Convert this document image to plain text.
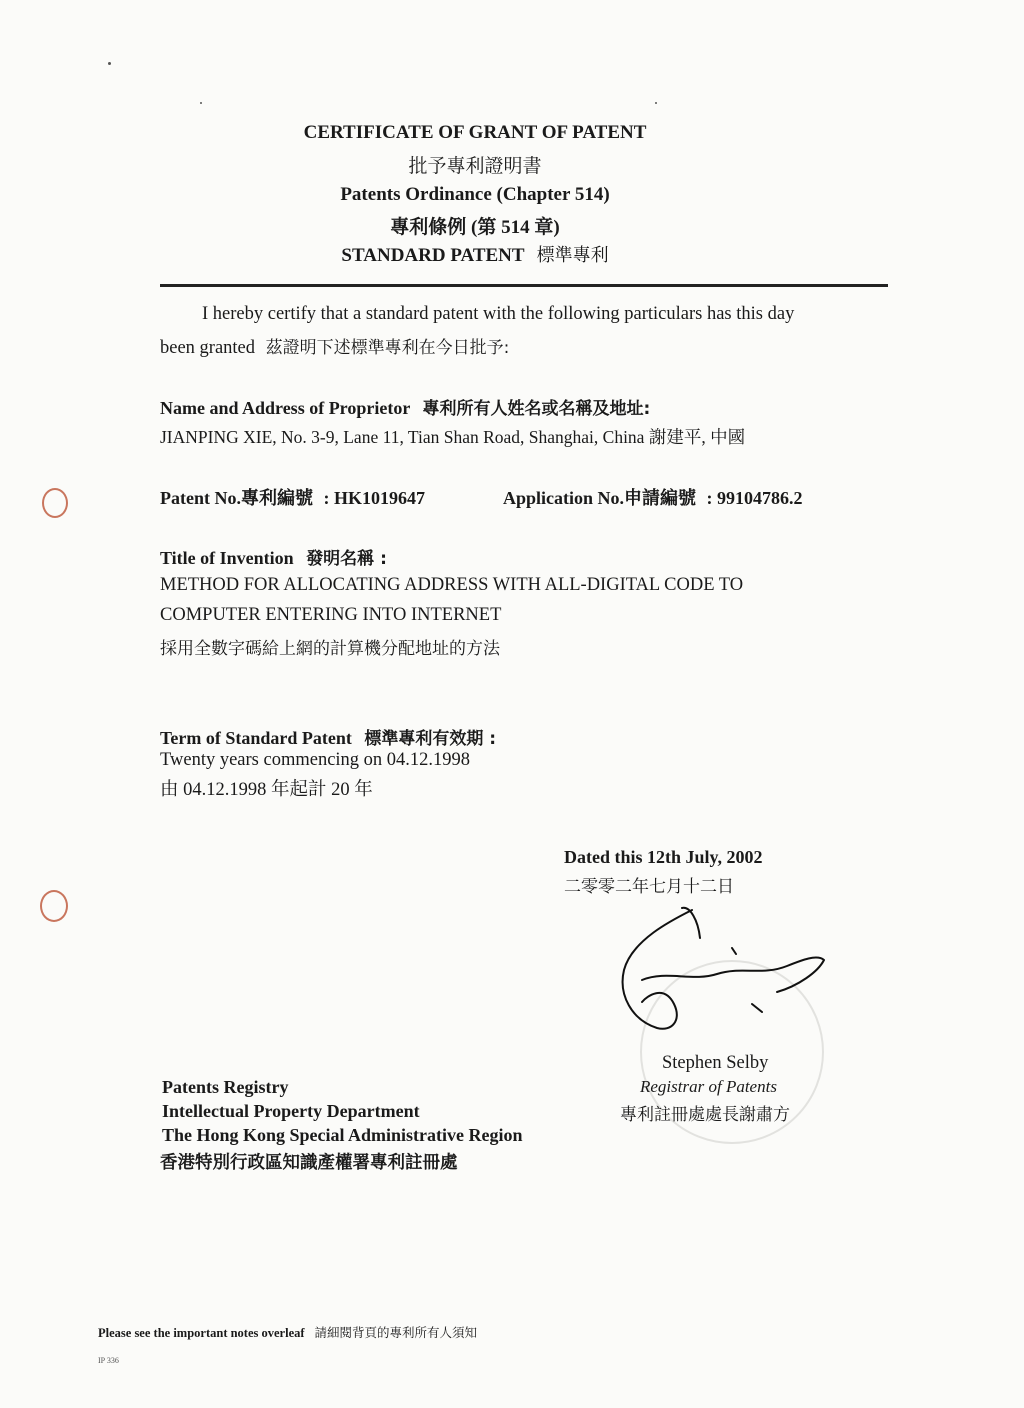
CERTIFICATE OF GRANT OF PATENT
批予專利證明書
Patents Ordinance (Chapter 514)
專利條例 (第 514 章)
STANDARD PATENT 標準專利
I hereby certify that a standard patent with the following particulars has this day
been granted 茲證明下述標準專利在今日批予:
Name and Address of Proprietor 專利所有人姓名或名稱及地址:
JIANPING XIE, No. 3-9, Lane 11, Tian Shan Road, Shanghai, China 謝建平, 中國
Patent No.專利編號 : HK1019647	Application No.申請編號 : 99104786.2
Title of Invention 發明名稱 :
METHOD FOR ALLOCATING ADDRESS WITH ALL-DIGITAL CODE TO
COMPUTER ENTERING INTO INTERNET
採用全數字碼給上網的計算機分配地址的方法
Term of Standard Patent 標準專利有效期 :
Twenty years commencing on 04.12.1998
由 04.12.1998 年起計 20 年
Dated this 12th July, 2002
二零零二年七月十二日
Stephen Selby
Registrar of Patents
專利註冊處處長謝肅方
Patents Registry
Intellectual Property Department
The Hong Kong Special Administrative Region
香港特別行政區知識產權署專利註冊處
Please see the important notes overleaf 請細閱背頁的專利所有人須知
IP 336
